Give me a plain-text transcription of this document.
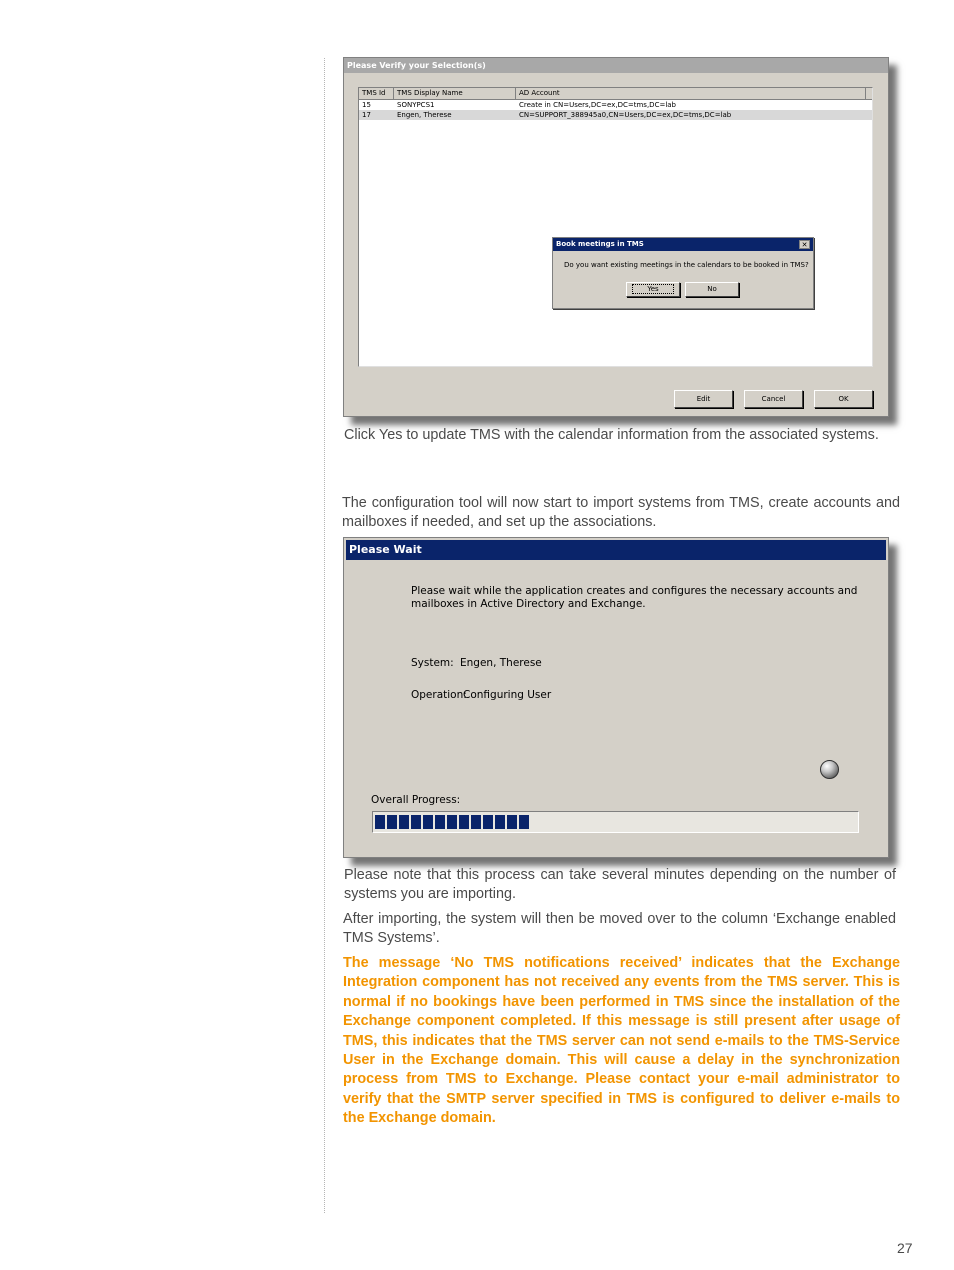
Please Verify your Selection(s)
TMS Id	TMS Display Name	AD Account
15	SONYPCS1	Create in CN=Users,DC=ex,DC=tms,DC=lab
17	Engen, Therese	CN=SUPPORT_388945a0,CN=Users,DC=ex,DC=tms,DC=lab
Book meetings in TMS	✕
Do you want existing meetings in the calendars to be booked in TMS?
Yes	No
Edit	Cancel	OK

Click Yes to update TMS with the calendar information from the associated systems.

The configuration tool will now start to import systems from TMS, create accounts and mailboxes if needed, and set up the associations.

Please Wait
Please wait while the application creates and configures the necessary accounts and
mailboxes in Active Directory and Exchange.
System: Engen, Therese
Operation:
Configuring User
Overall Progress:

Please note that this process can take several minutes depending on the number of systems you are importing.

After importing, the system will then be moved over to the column ‘Exchange enabled TMS Systems’.

The message ‘No TMS notifications received’ indicates that the Exchange Integration component has not received any events from the TMS server. This is normal if no bookings have been performed in TMS since the installation of the Exchange component completed. If this message is still present after usage of TMS, this indicates that the TMS server can not send e-mails to the TMS-Service User in the Exchange domain. This will cause a delay in the synchronization process from TMS to Exchange. Please contact your e-mail administrator to verify that the SMTP server specified in TMS is configured to deliver e-mails to the Exchange domain.

27
